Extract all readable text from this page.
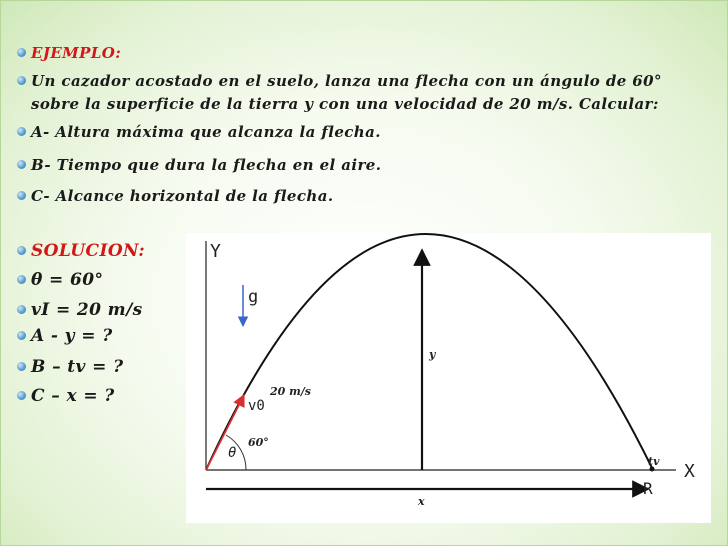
EJEMPLO:
Un cazador acostado en el suelo, lanza una flecha con un ángulo de 60°
sobre la superficie de la tierra y con una velocidad de 20 m/s. Calcular:
A- Altura máxima que alcanza la flecha.
B- Tiempo que dura la flecha en el aire.
C- Alcance horizontal de la flecha.
SOLUCION:
θ = 60°
vI = 20 m/s
A - y = ?
B – tv = ?
C – x = ?
Y
X
g
v0
20 m/s
θ
60°
y
tv
R
x
